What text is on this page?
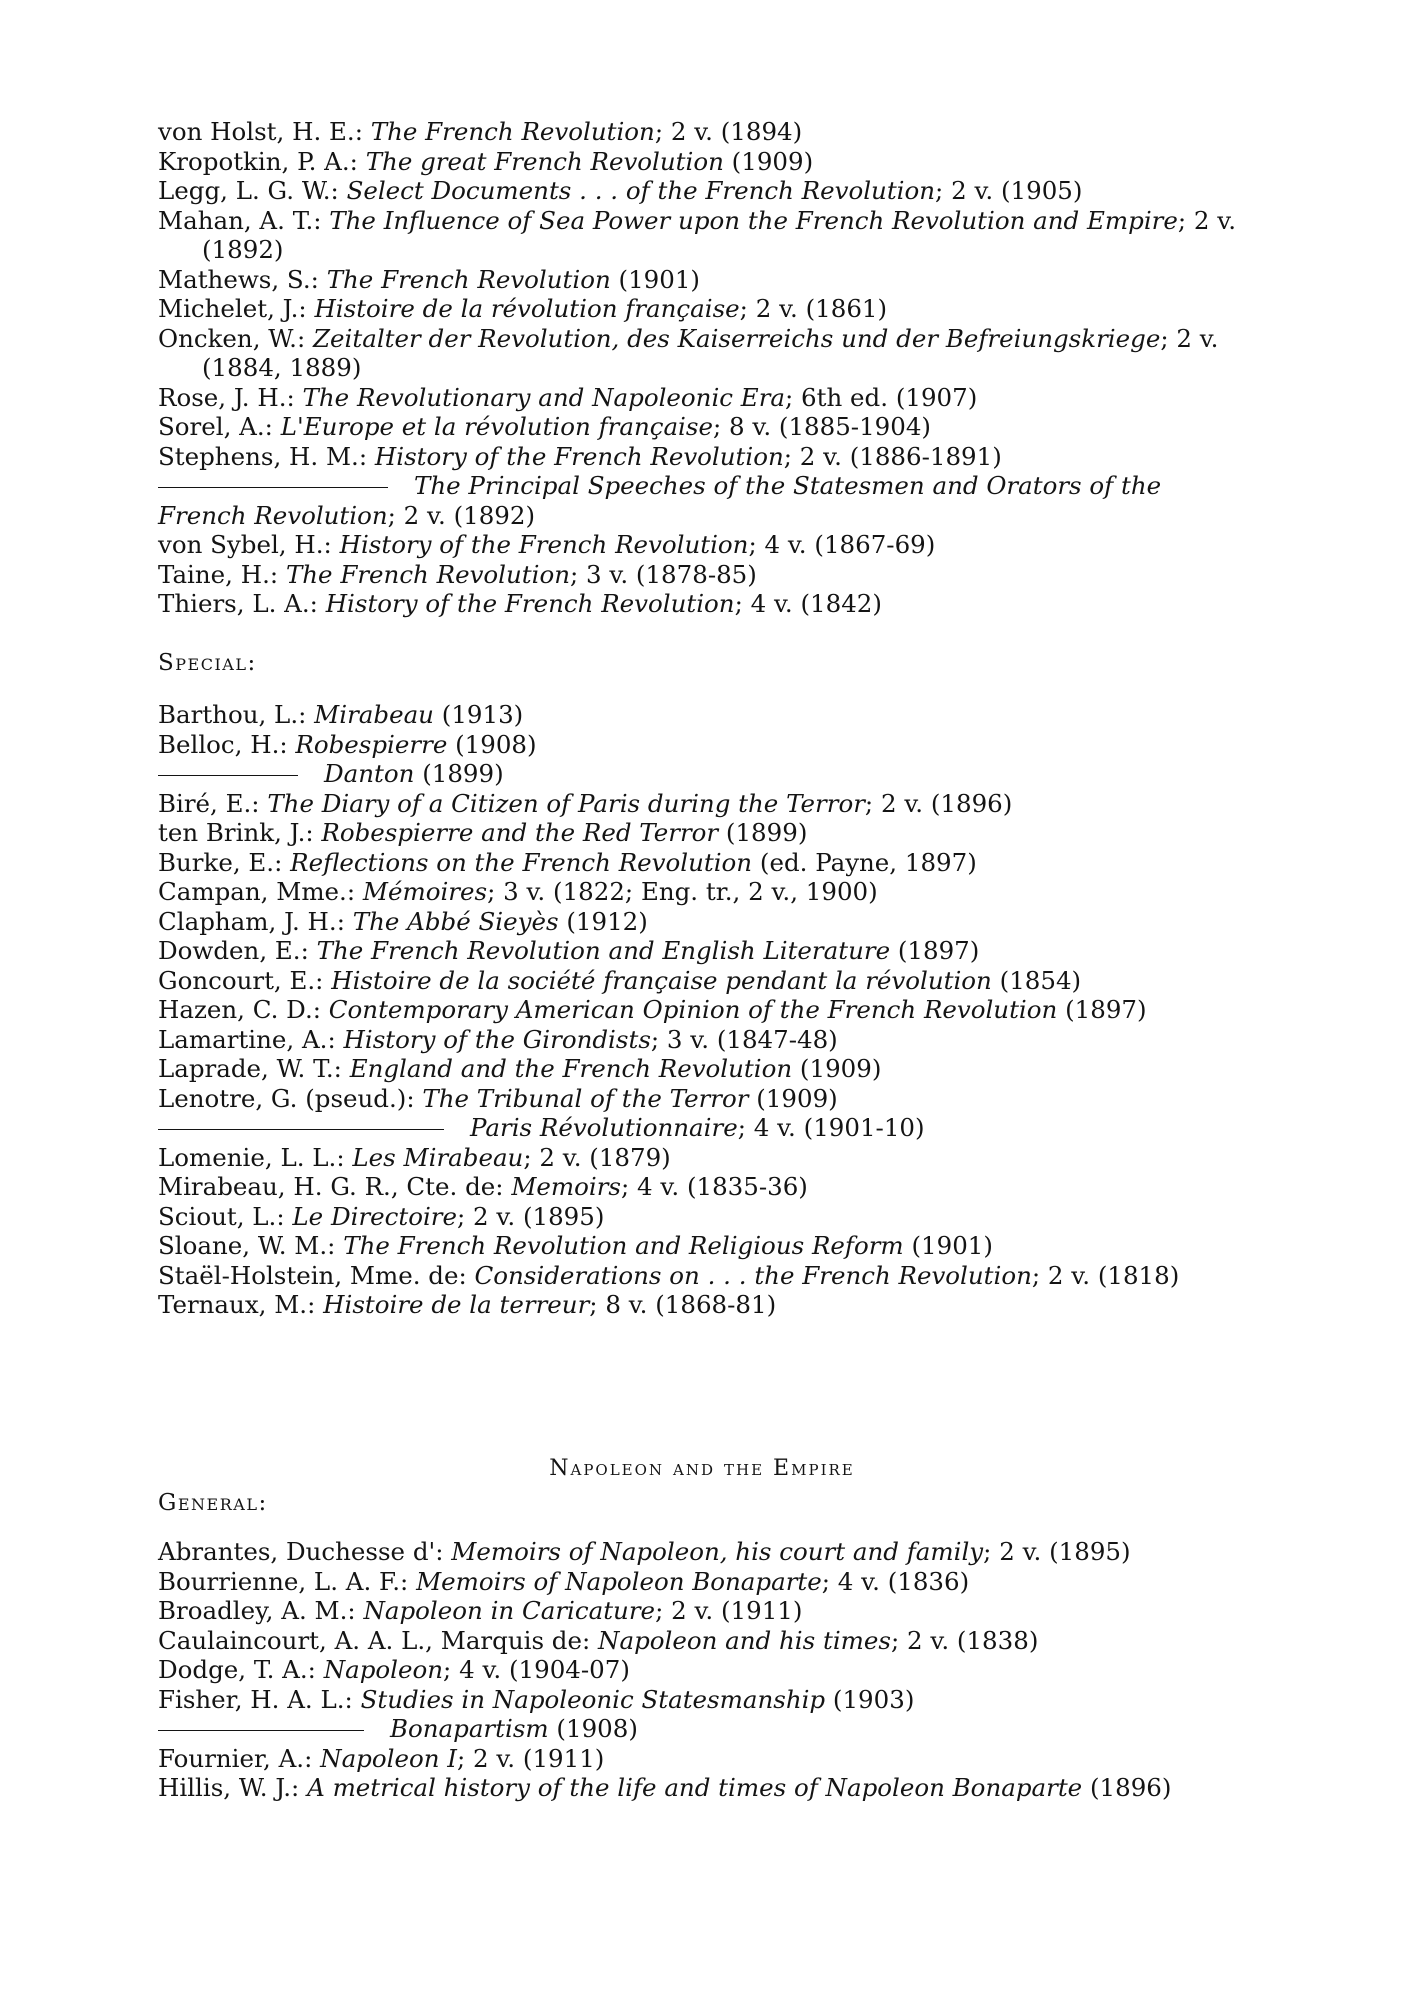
von Holst, H. E.: The French Revolution; 2 v. (1894)

Kropotkin, P. A.: The great French Revolution (1909)

Legg, L. G. W.: Select Documents . . . of the French Revolution; 2 v. (1905)

Mahan, A. T.: The Influence of Sea Power upon the French Revolution and Empire; 2 v. (1892)

Mathews, S.: The French Revolution (1901)

Michelet, J.: Histoire de la révolution française; 2 v. (1861)

Oncken, W.: Zeitalter der Revolution, des Kaiserreichs und der Befreiungskriege; 2 v. (1884, 1889)

Rose, J. H.: The Revolutionary and Napoleonic Era; 6th ed. (1907)

Sorel, A.: L'Europe et la révolution française; 8 v. (1885-1904)

Stephens, H. M.: History of the French Revolution; 2 v. (1886-1891)

The Principal Speeches of the Statesmen and Orators of the French Revolution; 2 v. (1892)

von Sybel, H.: History of the French Revolution; 4 v. (1867-69)

Taine, H.: The French Revolution; 3 v. (1878-85)

Thiers, L. A.: History of the French Revolution; 4 v. (1842)

Special:

Barthou, L.: Mirabeau (1913)

Belloc, H.: Robespierre (1908)

Danton (1899)

Biré, E.: The Diary of a Citizen of Paris during the Terror; 2 v. (1896)

ten Brink, J.: Robespierre and the Red Terror (1899)

Burke, E.: Reflections on the French Revolution (ed. Payne, 1897)

Campan, Mme.: Mémoires; 3 v. (1822; Eng. tr., 2 v., 1900)

Clapham, J. H.: The Abbé Sieyès (1912)

Dowden, E.: The French Revolution and English Literature (1897)

Goncourt, E.: Histoire de la société française pendant la révolution (1854)

Hazen, C. D.: Contemporary American Opinion of the French Revolution (1897)

Lamartine, A.: History of the Girondists; 3 v. (1847-48)

Laprade, W. T.: England and the French Revolution (1909)

Lenotre, G. (pseud.): The Tribunal of the Terror (1909)

Paris Révolutionnaire; 4 v. (1901-10)

Lomenie, L. L.: Les Mirabeau; 2 v. (1879)

Mirabeau, H. G. R., Cte. de: Memoirs; 4 v. (1835-36)

Sciout, L.: Le Directoire; 2 v. (1895)

Sloane, W. M.: The French Revolution and Religious Reform (1901)

Staël-Holstein, Mme. de: Considerations on . . . the French Revolution; 2 v. (1818)

Ternaux, M.: Histoire de la terreur; 8 v. (1868-81)

Napoleon and the Empire
General:

Abrantes, Duchesse d': Memoirs of Napoleon, his court and family; 2 v. (1895)

Bourrienne, L. A. F.: Memoirs of Napoleon Bonaparte; 4 v. (1836)

Broadley, A. M.: Napoleon in Caricature; 2 v. (1911)

Caulaincourt, A. A. L., Marquis de: Napoleon and his times; 2 v. (1838)

Dodge, T. A.: Napoleon; 4 v. (1904-07)

Fisher, H. A. L.: Studies in Napoleonic Statesmanship (1903)

Bonapartism (1908)

Fournier, A.: Napoleon I; 2 v. (1911)

Hillis, W. J.: A metrical history of the life and times of Napoleon Bonaparte (1896)
